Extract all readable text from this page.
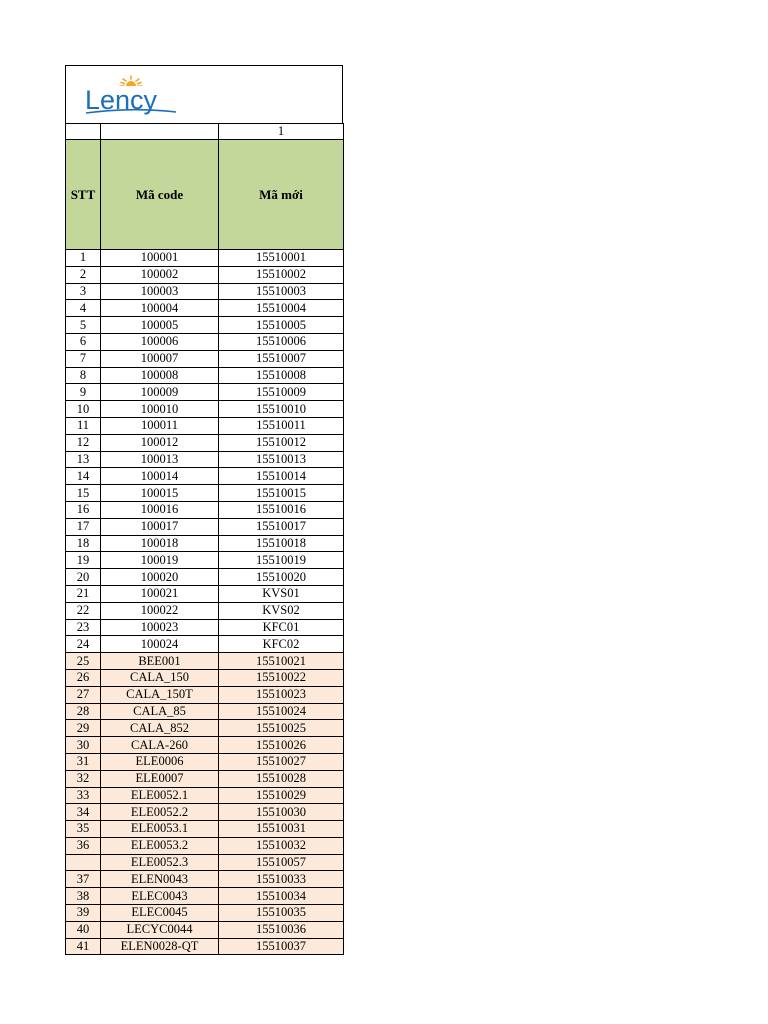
Lency
		1
STT	Mã code	Mã mới
1	100001	15510001
2	100002	15510002
3	100003	15510003
4	100004	15510004
5	100005	15510005
6	100006	15510006
7	100007	15510007
8	100008	15510008
9	100009	15510009
10	100010	15510010
11	100011	15510011
12	100012	15510012
13	100013	15510013
14	100014	15510014
15	100015	15510015
16	100016	15510016
17	100017	15510017
18	100018	15510018
19	100019	15510019
20	100020	15510020
21	100021	KVS01
22	100022	KVS02
23	100023	KFC01
24	100024	KFC02
25	BEE001	15510021
26	CALA_150	15510022
27	CALA_150T	15510023
28	CALA_85	15510024
29	CALA_852	15510025
30	CALA-260	15510026
31	ELE0006	15510027
32	ELE0007	15510028
33	ELE0052.1	15510029
34	ELE0052.2	15510030
35	ELE0053.1	15510031
36	ELE0053.2	15510032
	ELE0052.3	15510057
37	ELEN0043	15510033
38	ELEC0043	15510034
39	ELEC0045	15510035
40	LECYC0044	15510036
41	ELEN0028-QT	15510037
